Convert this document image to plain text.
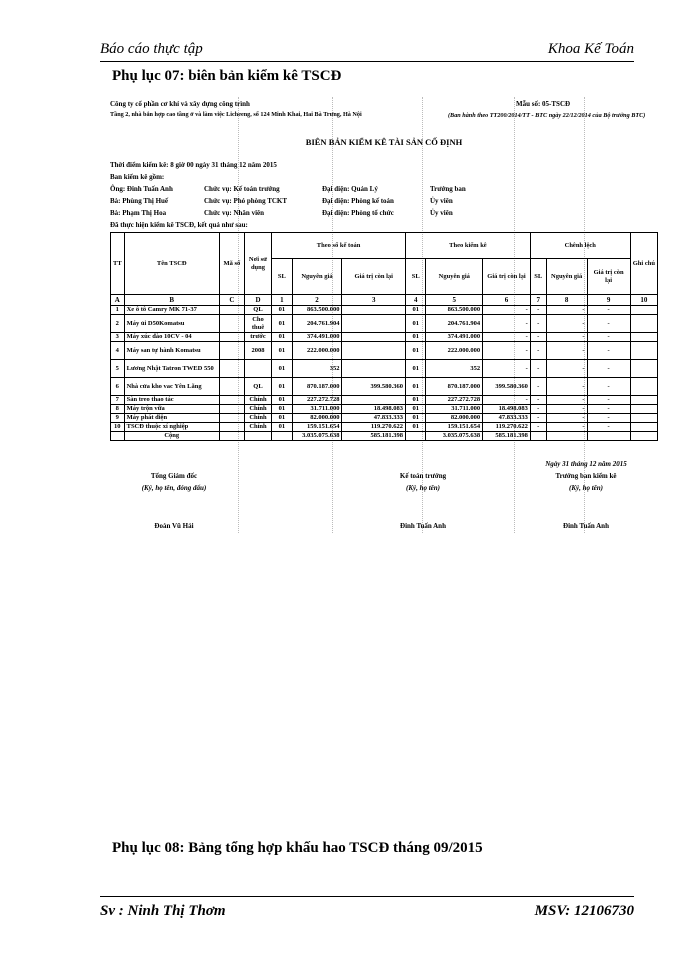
Báo cáo thực tập	Khoa Kế Toán
Phụ lục 07: biên bản kiểm kê TSCĐ
Công ty cổ phần cơ khí và xây dựng công trình	Mẫu số: 05-TSCĐ
Tầng 2, nhà bắn hợp cao tầng ở và làm việc Licheeng, số 124 Minh Khai, Hai Bà Trưng, Hà Nội	(Ban hành theo TT200/2014/TT - BTC ngày 22/12/2014 của Bộ trưởng BTC)
BIÊN BẢN KIỂM KÊ TÀI SẢN CỐ ĐỊNH
Thời điểm kiểm kê: 8 giờ 00 ngày 31 tháng 12 năm 2015
Ban kiểm kê gồm:
Ông: Đinh Tuấn Anh	Chức vụ: Kế toán trưởng	Đại diện: Quản Lý	Trưởng ban
Bà: Phùng Thị Huế	Chức vụ: Phó phòng TCKT	Đại diện: Phòng kế toán	Ủy viên
Bà: Phạm Thị Hoa	Chức vụ: Nhân viên	Đại diện: Phòng tổ chức	Ủy viên
Đã thực hiện kiểm kê TSCĐ, kết quả như sau:
TT	Tên TSCĐ	Mã số	Nơi sử dụng	Theo sổ kế toán			Theo kiểm kê			Chênh lệch			Ghi chú
				SL	Nguyên giá	Giá trị còn lại	SL	Nguyên giá	Giá trị còn lại	SL	Nguyên giá	Giá trị còn lại	
A	B	C	D	1	2	3	4	5	6	7	8	9	10
1	Xe ô tô Camry MK 71-37		QL	01	863.500.000		01	863.500.000	-	-	-	-	
2	Máy ủi D50Komatsu		Cho thuê	01	204.761.904		01	204.761.904	-	-	-	-	
3	Máy xúc đào 10CV - 04		trước	01	374.491.000		01	374.491.000	-	-	-	-	
4	Máy san tự hành Komatsu		2008	01	222.000.000		01	222.000.000	-	-	-	-	
5	Lương Nhật Tatron TWED 550			01	352		01	352	-	-	-	-	
6	Nhà cửa kho vac Yên Lãng		QL	01	870.187.000	399.580.360	01	870.187.000	399.580.360	-	-	-	
7	Sàn treo thao tác		Chính	01	227.272.728		01	227.272.728	-	-	-	-	
8	Máy trộn vữa		Chính	01	31.711.000	18.498.083	01	31.711.000	18.498.083	-	-	-	
9	Máy phát điện		Chính	01	82.000.000	47.833.333	01	82.000.000	47.833.333	-	-	-	
10	TSCĐ thuộc xí nghiệp		Chính	01	159.151.654	119.270.622	01	159.151.654	119.270.622	-	-	-	
	Cộng				3.035.075.638	585.181.398		3.035.075.638	585.181.398				
Ngày 31 tháng 12 năm 2015
Tổng Giám đốc
(Ký, họ tên, đóng dấu)
Đoàn Vũ Hải
Kế toán trưởng
(Ký, họ tên)
Đinh Tuấn Anh
Trưởng ban kiểm kê
(Ký, họ tên)
Đinh Tuấn Anh
Phụ lục 08: Bảng tổng hợp khấu hao TSCĐ tháng 09/2015
Sv : Ninh Thị Thơm	MSV: 12106730
